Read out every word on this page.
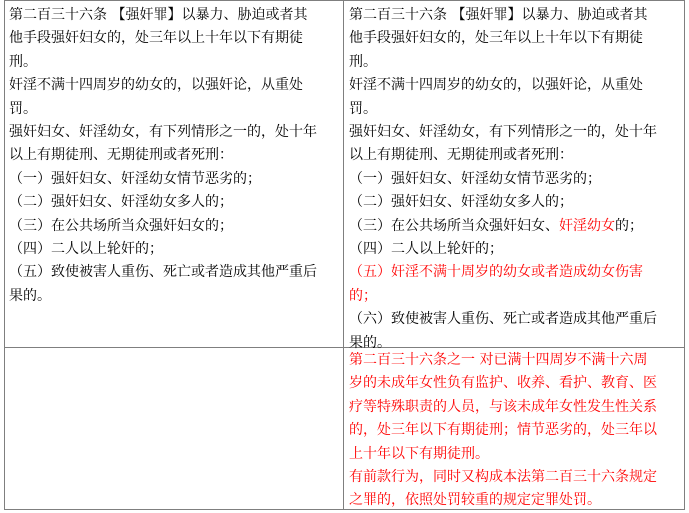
第二百三十六条 【强奸罪】以暴力、胁迫或者其

他手段强奸妇女的，处三年以上十年以下有期徒

刑。

奸淫不满十四周岁的幼女的，以强奸论，从重处

罚。

强奸妇女、奸淫幼女，有下列情形之一的，处十年

以上有期徒刑、无期徒刑或者死刑：

（一）强奸妇女、奸淫幼女情节恶劣的；

（二）强奸妇女、奸淫幼女多人的；

（三）在公共场所当众强奸妇女的；

（四）二人以上轮奸的；

（五）致使被害人重伤、死亡或者造成其他严重后

果的。

第二百三十六条 【强奸罪】以暴力、胁迫或者其

他手段强奸妇女的，处三年以上十年以下有期徒

刑。

奸淫不满十四周岁的幼女的，以强奸论，从重处

罚。

强奸妇女、奸淫幼女，有下列情形之一的，处十年

以上有期徒刑、无期徒刑或者死刑：

（一）强奸妇女、奸淫幼女情节恶劣的；

（二）强奸妇女、奸淫幼女多人的；

（三）在公共场所当众强奸妇女、奸淫幼女的；

（四）二人以上轮奸的；

（五）奸淫不满十周岁的幼女或者造成幼女伤害

的；

（六）致使被害人重伤、死亡或者造成其他严重后

果的。

第二百三十六条之一 对已满十四周岁不满十六周

岁的未成年女性负有监护、收养、看护、教育、医

疗等特殊职责的人员，与该未成年女性发生性关系

的，处三年以下有期徒刑；情节恶劣的，处三年以

上十年以下有期徒刑。

有前款行为，同时又构成本法第二百三十六条规定

之罪的，依照处罚较重的规定定罪处罚。
